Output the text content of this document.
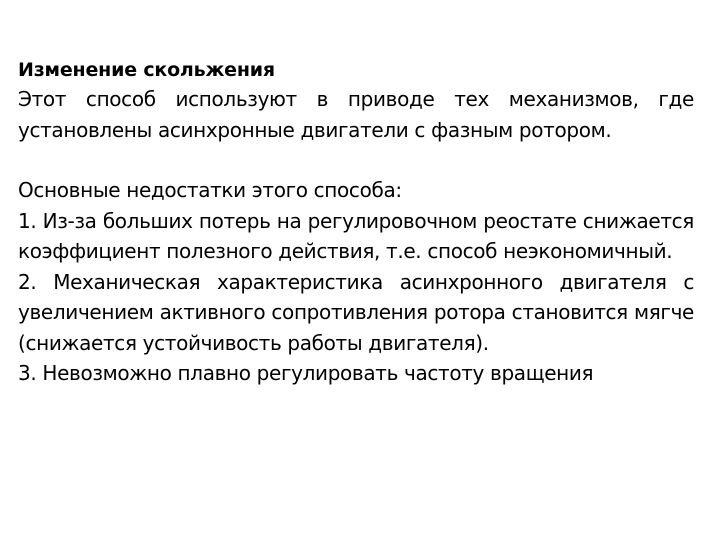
Изменение скольжения

Этот способ используют в приводе тех механизмов, где установлены асинхронные двигатели с фазным ротором.

Основные недостатки этого способа:

1. Из-за больших потерь на регулировочном реостате снижается коэффициент полезного действия, т.е. способ неэкономичный.

2. Механическая характеристика асинхронного двигателя с увеличением активного сопротивления ротора становится мягче (снижается устойчивость работы двигателя).

3. Невозможно плавно регулировать частоту вращения
